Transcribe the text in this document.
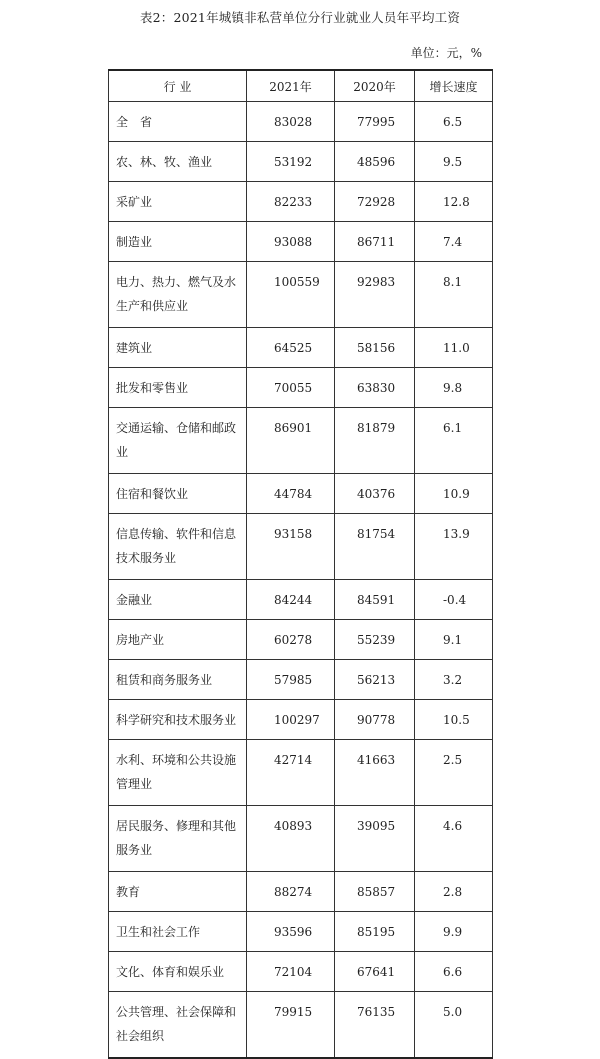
表2：2021年城镇非私营单位分行业就业人员年平均工资
单位：元，%
行 业	2021年	2020年	增长速度
全　省	83028	77995	6.5
农、林、牧、渔业	53192	48596	9.5
采矿业	82233	72928	12.8
制造业	93088	86711	7.4
电力、热力、燃气及水生产和供应业	100559	92983	8.1
建筑业	64525	58156	11.0
批发和零售业	70055	63830	9.8
交通运输、仓储和邮政业	86901	81879	6.1
住宿和餐饮业	44784	40376	10.9
信息传输、软件和信息技术服务业	93158	81754	13.9
金融业	84244	84591	-0.4
房地产业	60278	55239	9.1
租赁和商务服务业	57985	56213	3.2
科学研究和技术服务业	100297	90778	10.5
水利、环境和公共设施管理业	42714	41663	2.5
居民服务、修理和其他服务业	40893	39095	4.6
教育	88274	85857	2.8
卫生和社会工作	93596	85195	9.9
文化、体育和娱乐业	72104	67641	6.6
公共管理、社会保障和社会组织	79915	76135	5.0
